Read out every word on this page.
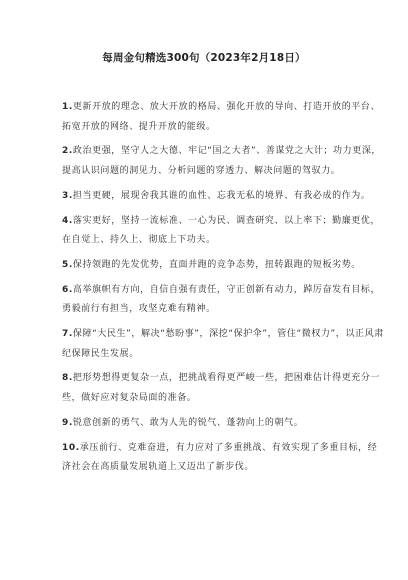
每周金句精选300句（2023年2月18日）
1.更新开放的理念、放大开放的格局、强化开放的导向、打造开放的平台、拓宽开放的网络、提升开放的能级。
2.政治更强，坚守人之大德、牢记“国之大者”、善谋党之大计；功力更深，提高认识问题的洞见力、分析问题的穿透力、解决问题的驾驭力。
3.担当更硬，展现舍我其谁的血性、忘我无私的境界、有我必成的作为。
4.落实更好，坚持一流标准、一心为民、调查研究、以上率下；勤廉更优，在自觉上、持久上、彻底上下功夫。
5.保持领跑的先发优势，直面并跑的竞争态势，扭转跟跑的短板劣势。
6.高举旗帜有方向，自信自强有责任，守正创新有动力，踔厉奋发有目标，勇毅前行有担当，攻坚克难有精神。
7.保障“大民生”，解决“愁盼事”，深挖“保护伞”，管住“微权力”，以正风肃纪保障民生发展。
8.把形势想得更复杂一点，把挑战看得更严峻一些，把困难估计得更充分一些，做好应对复杂局面的准备。
9.锐意创新的勇气、敢为人先的锐气、蓬勃向上的朝气。
10.承压前行、克难奋进，有力应对了多重挑战、有效实现了多重目标，经济社会在高质量发展轨道上又迈出了新步伐。
